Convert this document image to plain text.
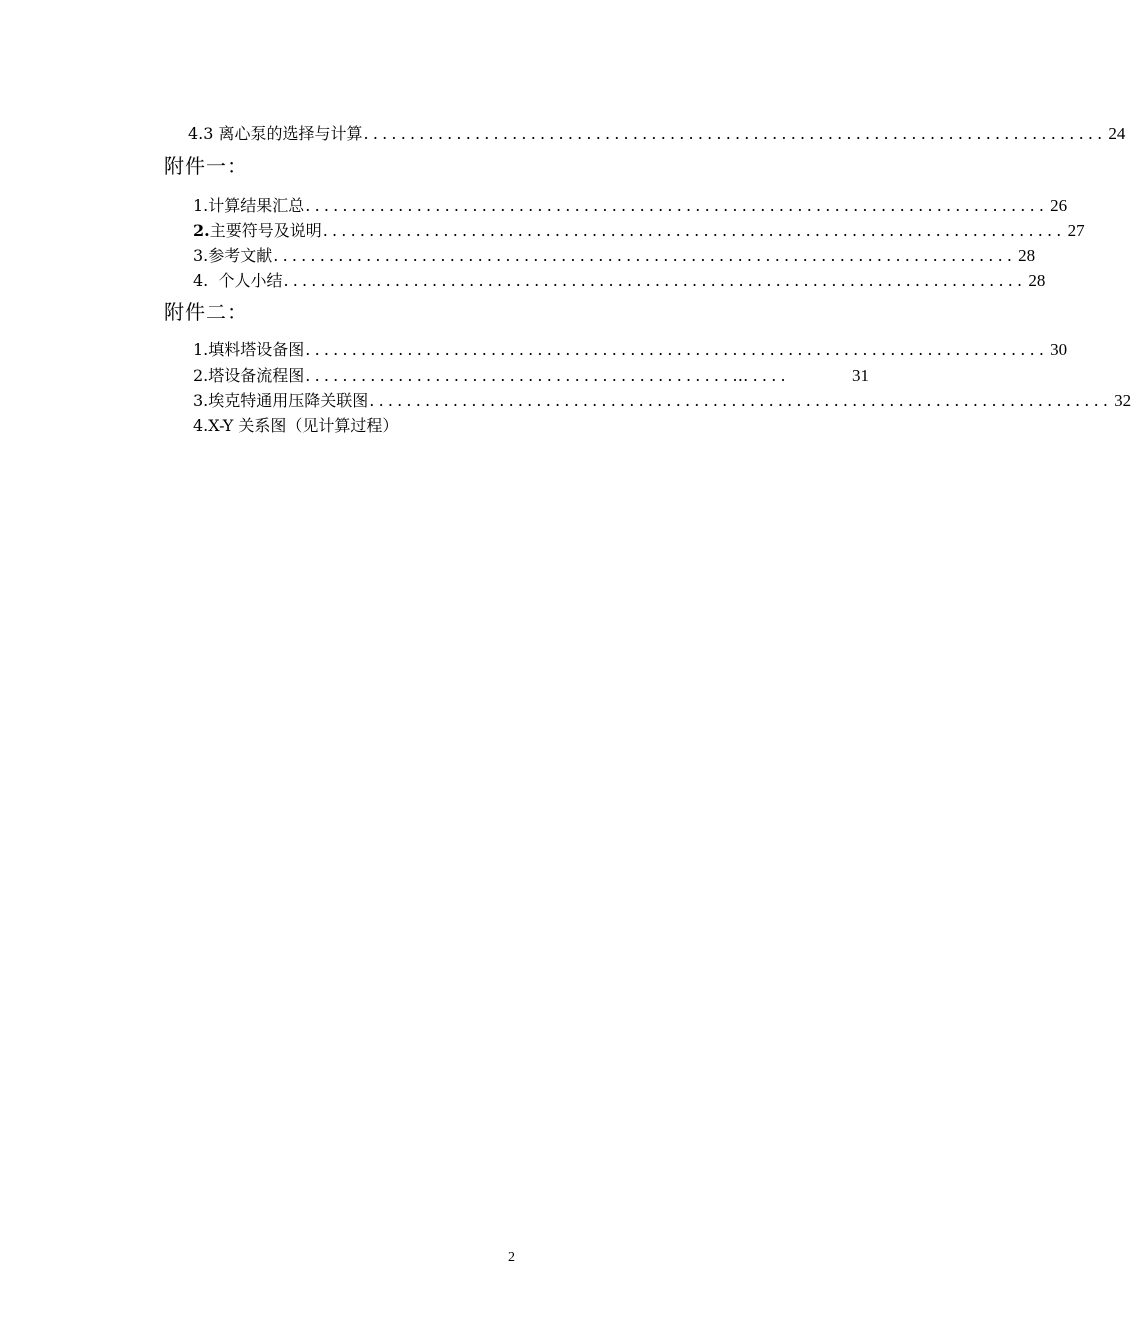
4.3 离心泵的选择与计算 ................................................................................ 24
附件一：
1.计算结果汇总 ................................................................................ 26
2.主要符号及说明 ................................................................................ 27
3.参考文献 ................................................................................ 28
4.  个人小结 ................................................................................ 28
附件二：
1.填料塔设备图 ................................................................................ 30
2.塔设备流程图 ..............................................…....	31
3.埃克特通用压降关联图 ................................................................................ 32
4.X-Y 关系图（见计算过程）
2
